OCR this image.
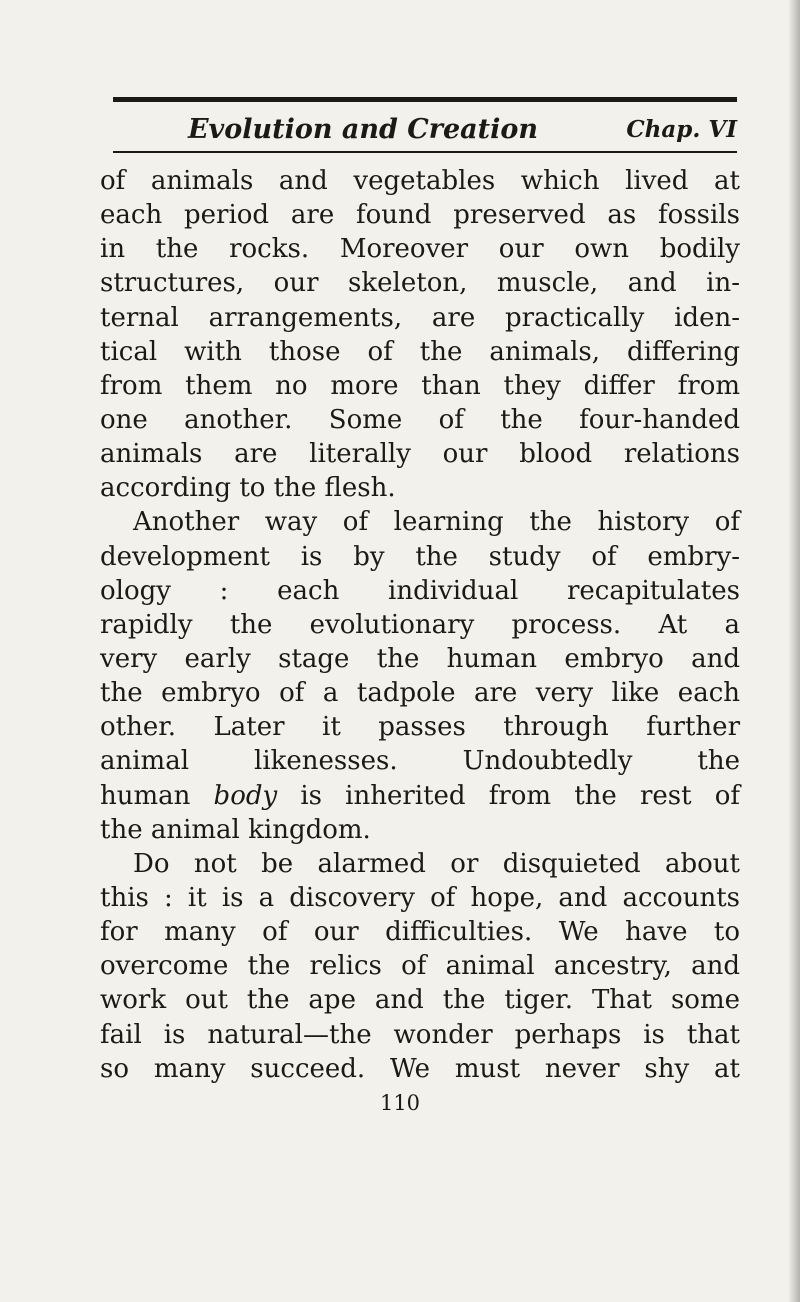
Evolution and Creation	Chap. VI
of animals and vegetables which lived at
each period are found preserved as fossils
in the rocks. Moreover our own bodily
structures, our skeleton, muscle, and in-
ternal arrangements, are practically iden-
tical with those of the animals, differing
from them no more than they differ from
one another. Some of the four-handed
animals are literally our blood relations
according to the flesh.
Another way of learning the history of
development is by the study of embry-
ology : each individual recapitulates
rapidly the evolutionary process. At a
very early stage the human embryo and
the embryo of a tadpole are very like each
other. Later it passes through further
animal likenesses. Undoubtedly the
human body is inherited from the rest of
the animal kingdom.
Do not be alarmed or disquieted about
this : it is a discovery of hope, and accounts
for many of our difficulties. We have to
overcome the relics of animal ancestry, and
work out the ape and the tiger. That some
fail is natural—the wonder perhaps is that
so many succeed. We must never shy at
110
